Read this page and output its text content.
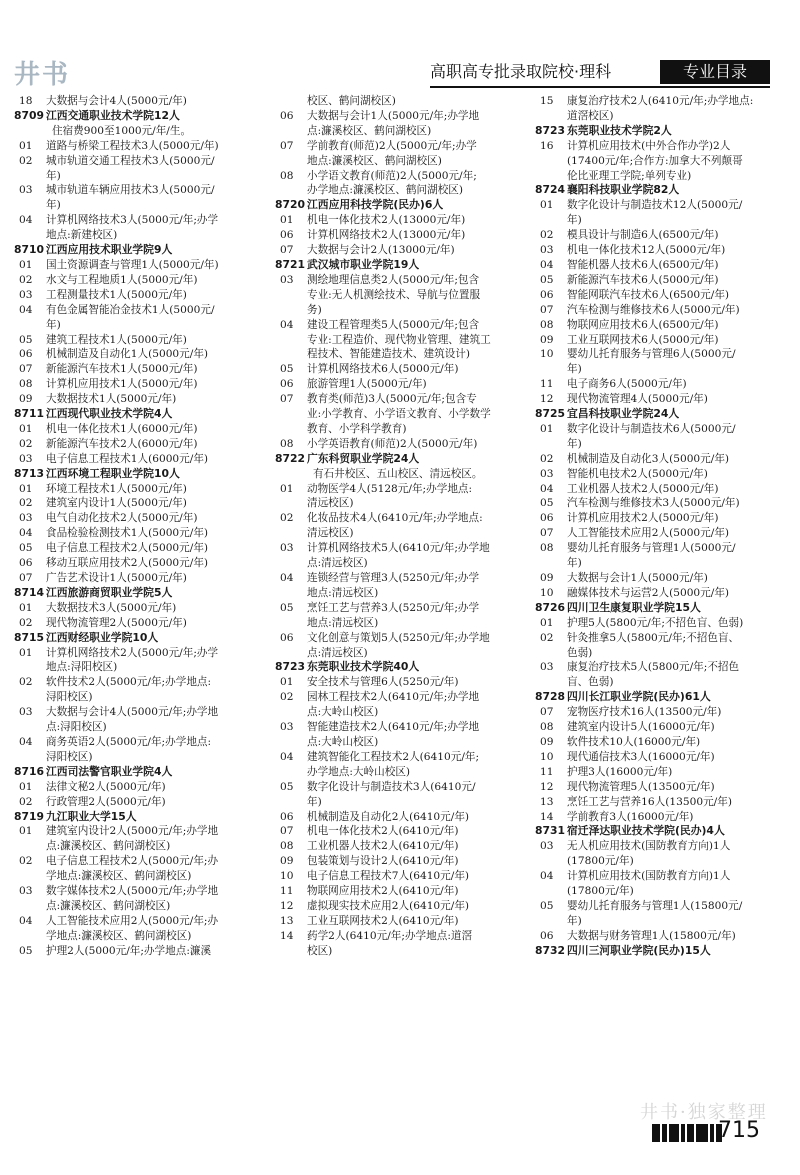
井书	高职高专批录取院校·理科	专业目录
18	大数据与会计4人(5000元/年)
8709 江西交通职业技术学院12人
住宿费900至1000元/年/生。
01	道路与桥梁工程技术3人(5000元/年)
02	城市轨道交通工程技术3人(5000元/
年)
03	城市轨道车辆应用技术3人(5000元/
年)
04	计算机网络技术3人(5000元/年;办学
地点:新建校区)
8710 江西应用技术职业学院9人
01	国土资源调查与管理1人(5000元/年)
02	水文与工程地质1人(5000元/年)
03	工程测量技术1人(5000元/年)
04	有色金属智能冶金技术1人(5000元/
年)
05	建筑工程技术1人(5000元/年)
06	机械制造及自动化1人(5000元/年)
07	新能源汽车技术1人(5000元/年)
08	计算机应用技术1人(5000元/年)
09	大数据技术1人(5000元/年)
8711 江西现代职业技术学院4人
01	机电一体化技术1人(6000元/年)
02	新能源汽车技术2人(6000元/年)
03	电子信息工程技术1人(6000元/年)
8713 江西环境工程职业学院10人
01	环境工程技术1人(5000元/年)
02	建筑室内设计1人(5000元/年)
03	电气自动化技术2人(5000元/年)
04	食品检验检测技术1人(5000元/年)
05	电子信息工程技术2人(5000元/年)
06	移动互联应用技术2人(5000元/年)
07	广告艺术设计1人(5000元/年)
8714 江西旅游商贸职业学院5人
01	大数据技术3人(5000元/年)
02	现代物流管理2人(5000元/年)
8715 江西财经职业学院10人
01	计算机网络技术2人(5000元/年;办学
地点:浔阳校区)
02	软件技术2人(5000元/年;办学地点:
浔阳校区)
03	大数据与会计4人(5000元/年;办学地
点:浔阳校区)
04	商务英语2人(5000元/年;办学地点:
浔阳校区)
8716 江西司法警官职业学院4人
01	法律文秘2人(5000元/年)
02	行政管理2人(5000元/年)
8719 九江职业大学15人
01	建筑室内设计2人(5000元/年;办学地
点:濂溪校区、鹤问湖校区)
02	电子信息工程技术2人(5000元/年;办
学地点:濂溪校区、鹤问湖校区)
03	数字媒体技术2人(5000元/年;办学地
点:濂溪校区、鹤问湖校区)
04	人工智能技术应用2人(5000元/年;办
学地点:濂溪校区、鹤问湖校区)
05	护理2人(5000元/年;办学地点:濂溪
校区、鹤问湖校区)
06	大数据与会计1人(5000元/年;办学地
点:濂溪校区、鹤问湖校区)
07	学前教育(师范)2人(5000元/年;办学
地点:濂溪校区、鹤问湖校区)
08	小学语文教育(师范)2人(5000元/年;
办学地点:濂溪校区、鹤问湖校区)
8720 江西应用科技学院(民办)6人
01	机电一体化技术2人(13000元/年)
06	计算机网络技术2人(13000元/年)
07	大数据与会计2人(13000元/年)
8721 武汉城市职业学院19人
03	测绘地理信息类2人(5000元/年;包含
专业:无人机测绘技术、导航与位置服
务)
04	建设工程管理类5人(5000元/年;包含
专业:工程造价、现代物业管理、建筑工
程技术、智能建造技术、建筑设计)
05	计算机网络技术6人(5000元/年)
06	旅游管理1人(5000元/年)
07	教育类(师范)3人(5000元/年;包含专
业:小学教育、小学语文教育、小学数学
教育、小学科学教育)
08	小学英语教育(师范)2人(5000元/年)
8722 广东科贸职业学院24人
有石井校区、五山校区、清远校区。
01	动物医学4人(5128元/年;办学地点:
清远校区)
02	化妆品技术4人(6410元/年;办学地点:
清远校区)
03	计算机网络技术5人(6410元/年;办学地
点:清远校区)
04	连锁经营与管理3人(5250元/年;办学
地点:清远校区)
05	烹饪工艺与营养3人(5250元/年;办学
地点:清远校区)
06	文化创意与策划5人(5250元/年;办学地
点:清远校区)
8723 东莞职业技术学院40人
01	安全技术与管理6人(5250元/年)
02	园林工程技术2人(6410元/年;办学地
点:大岭山校区)
03	智能建造技术2人(6410元/年;办学地
点:大岭山校区)
04	建筑智能化工程技术2人(6410元/年;
办学地点:大岭山校区)
05	数字化设计与制造技术3人(6410元/
年)
06	机械制造及自动化2人(6410元/年)
07	机电一体化技术2人(6410元/年)
08	工业机器人技术2人(6410元/年)
09	包装策划与设计2人(6410元/年)
10	电子信息工程技术7人(6410元/年)
11	物联网应用技术2人(6410元/年)
12	虚拟现实技术应用2人(6410元/年)
13	工业互联网技术2人(6410元/年)
14	药学2人(6410元/年;办学地点:道滘
校区)
15	康复治疗技术2人(6410元/年;办学地点:
道滘校区)
8723 东莞职业技术学院2人
16	计算机应用技术(中外合作办学)2人
(17400元/年;合作方:加拿大不列颠哥
伦比亚理工学院;单列专业)
8724 襄阳科技职业学院82人
01	数字化设计与制造技术12人(5000元/
年)
02	模具设计与制造6人(6500元/年)
03	机电一体化技术12人(5000元/年)
04	智能机器人技术6人(6500元/年)
05	新能源汽车技术6人(5000元/年)
06	智能网联汽车技术6人(6500元/年)
07	汽车检测与维修技术6人(5000元/年)
08	物联网应用技术6人(6500元/年)
09	工业互联网技术6人(5000元/年)
10	婴幼儿托育服务与管理6人(5000元/
年)
11	电子商务6人(5000元/年)
12	现代物流管理4人(5000元/年)
8725 宜昌科技职业学院24人
01	数字化设计与制造技术6人(5000元/
年)
02	机械制造及自动化3人(5000元/年)
03	智能机电技术2人(5000元/年)
04	工业机器人技术2人(5000元/年)
05	汽车检测与维修技术3人(5000元/年)
06	计算机应用技术2人(5000元/年)
07	人工智能技术应用2人(5000元/年)
08	婴幼儿托育服务与管理1人(5000元/
年)
09	大数据与会计1人(5000元/年)
10	融媒体技术与运营2人(5000元/年)
8726 四川卫生康复职业学院15人
01	护理5人(5800元/年;不招色盲、色弱)
02	针灸推拿5人(5800元/年;不招色盲、
色弱)
03	康复治疗技术5人(5800元/年;不招色
盲、色弱)
8728 四川长江职业学院(民办)61人
07	宠物医疗技术16人(13500元/年)
08	建筑室内设计5人(16000元/年)
09	软件技术10人(16000元/年)
10	现代通信技术3人(16000元/年)
11	护理3人(16000元/年)
12	现代物流管理5人(13500元/年)
13	烹饪工艺与营养16人(13500元/年)
14	学前教育3人(16000元/年)
8731 宿迁泽达职业技术学院(民办)4人
03	无人机应用技术(国防教育方向)1人
(17800元/年)
04	计算机应用技术(国防教育方向)1人
(17800元/年)
05	婴幼儿托育服务与管理1人(15800元/
年)
06	大数据与财务管理1人(15800元/年)
8732 四川三河职业学院(民办)15人
井书·独家整理
715
